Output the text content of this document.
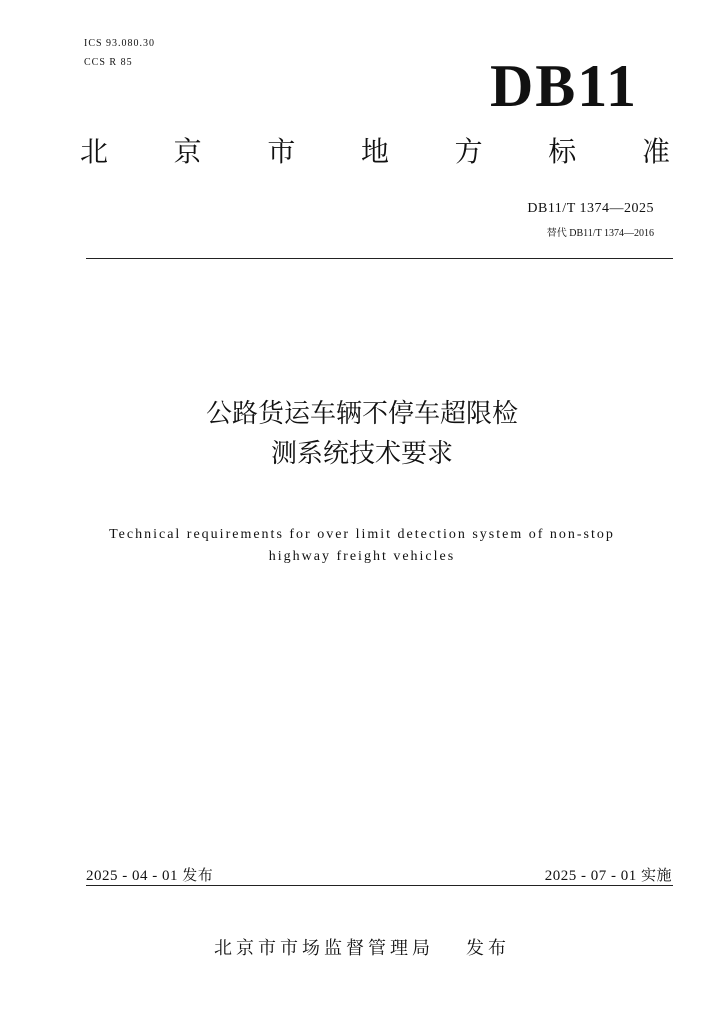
ICS 93.080.30
CCS R 85	DB11
北 京 市 地 方 标 准
DB11/T 1374—2025
替代 DB11/T 1374—2016
公路货运车辆不停车超限检
测系统技术要求
Technical requirements for over limit detection system of non-stop
highway freight vehicles
2025 - 04 - 01 发布	2025 - 07 - 01 实施
北京市市场监督管理局 发布
